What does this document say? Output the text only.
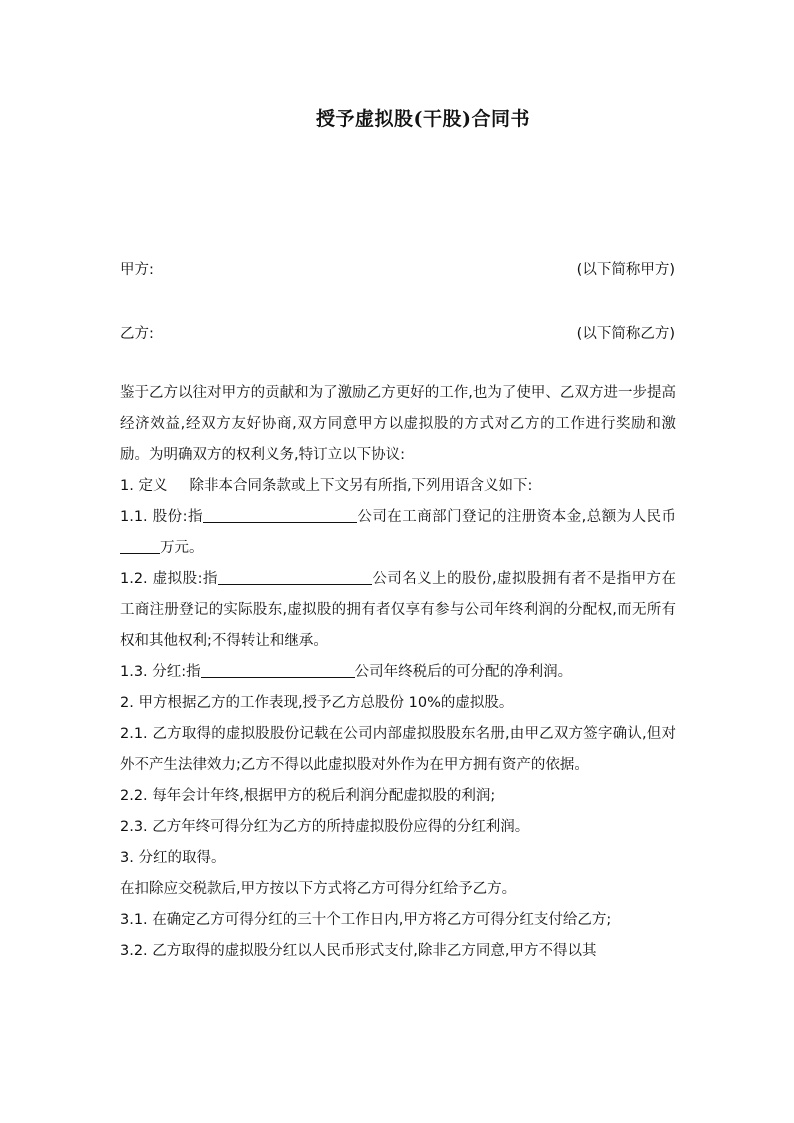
授予虚拟股(干股)合同书
甲方:	(以下简称甲方)
乙方:	(以下简称乙方)

鉴于乙方以往对甲方的贡献和为了激励乙方更好的工作,也为了使甲、乙双方进一步提高经济效益,经双方友好协商,双方同意甲方以虚拟股的方式对乙方的工作进行奖励和激励。为明确双方的权利义务,特订立以下协议:

1. 定义 除非本合同条款或上下文另有所指,下列用语含义如下:

1.1. 股份:指	公司在工商部门登记的注册资本金,总额为人民币万元。

1.2. 虚拟股:指	公司名义上的股份,虚拟股拥有者不是指甲方在工商注册登记的实际股东,虚拟股的拥有者仅享有参与公司年终利润的分配权,而无所有权和其他权利;不得转让和继承。

1.3. 分红:指	公司年终税后的可分配的净利润。

2. 甲方根据乙方的工作表现,授予乙方总股份 10%的虚拟股。

2.1. 乙方取得的虚拟股股份记载在公司内部虚拟股股东名册,由甲乙双方签字确认,但对外不产生法律效力;乙方不得以此虚拟股对外作为在甲方拥有资产的依据。

2.2. 每年会计年终,根据甲方的税后利润分配虚拟股的利润;

2.3. 乙方年终可得分红为乙方的所持虚拟股份应得的分红利润。

3. 分红的取得。

在扣除应交税款后,甲方按以下方式将乙方可得分红给予乙方。

3.1. 在确定乙方可得分红的三十个工作日内,甲方将乙方可得分红支付给乙方;

3.2. 乙方取得的虚拟股分红以人民币形式支付,除非乙方同意,甲方不得以其
